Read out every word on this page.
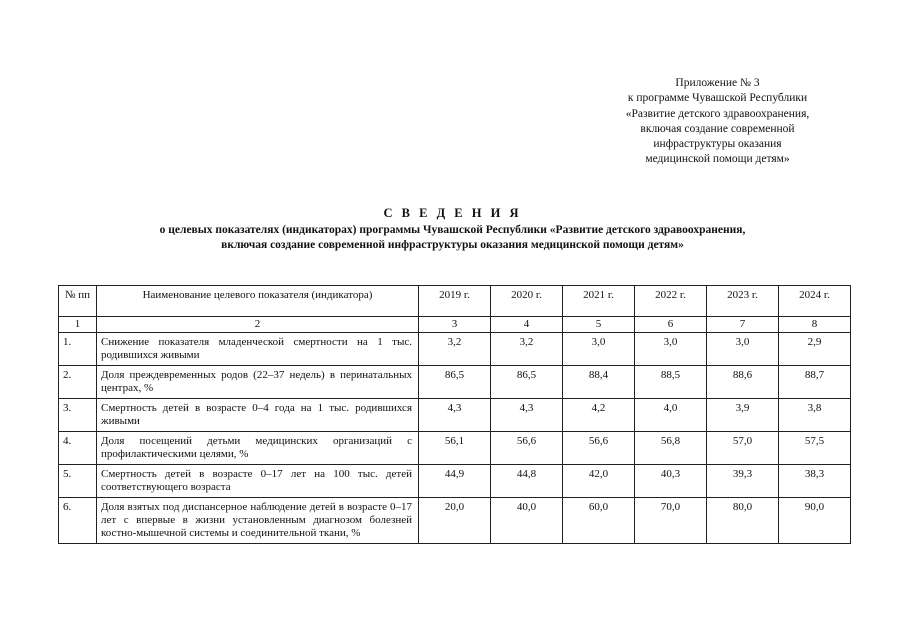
Приложение № 3
к программе Чувашской Республики
«Развитие детского здравоохранения,
включая создание современной
инфраструктуры оказания
медицинской помощи детям»
С В Е Д Е Н И Я
о целевых показателях (индикаторах) программы Чувашской Республики «Развитие детского здравоохранения,
включая создание современной инфраструктуры оказания медицинской помощи детям»
№ пп	Наименование целевого показателя (индикатора)	2019 г.	2020 г.	2021 г.	2022 г.	2023 г.	2024 г.
1	2	3	4	5	6	7	8
1.	Снижение показателя младенческой смертности на 1 тыс. родившихся живыми	3,2	3,2	3,0	3,0	3,0	2,9
2.	Доля преждевременных родов (22–37 недель) в перинатальных центрах, %	86,5	86,5	88,4	88,5	88,6	88,7
3.	Смертность детей в возрасте 0–4 года на 1 тыс. родившихся живыми	4,3	4,3	4,2	4,0	3,9	3,8
4.	Доля посещений детьми медицинских организаций с профилактическими целями, %	56,1	56,6	56,6	56,8	57,0	57,5
5.	Смертность детей в возрасте 0–17 лет на 100 тыс. детей соответствующего возраста	44,9	44,8	42,0	40,3	39,3	38,3
6.	Доля взятых под диспансерное наблюдение детей в возрасте 0–17 лет с впервые в жизни установленным диагнозом болезней костно-мышечной системы и соединительной ткани, %	20,0	40,0	60,0	70,0	80,0	90,0
